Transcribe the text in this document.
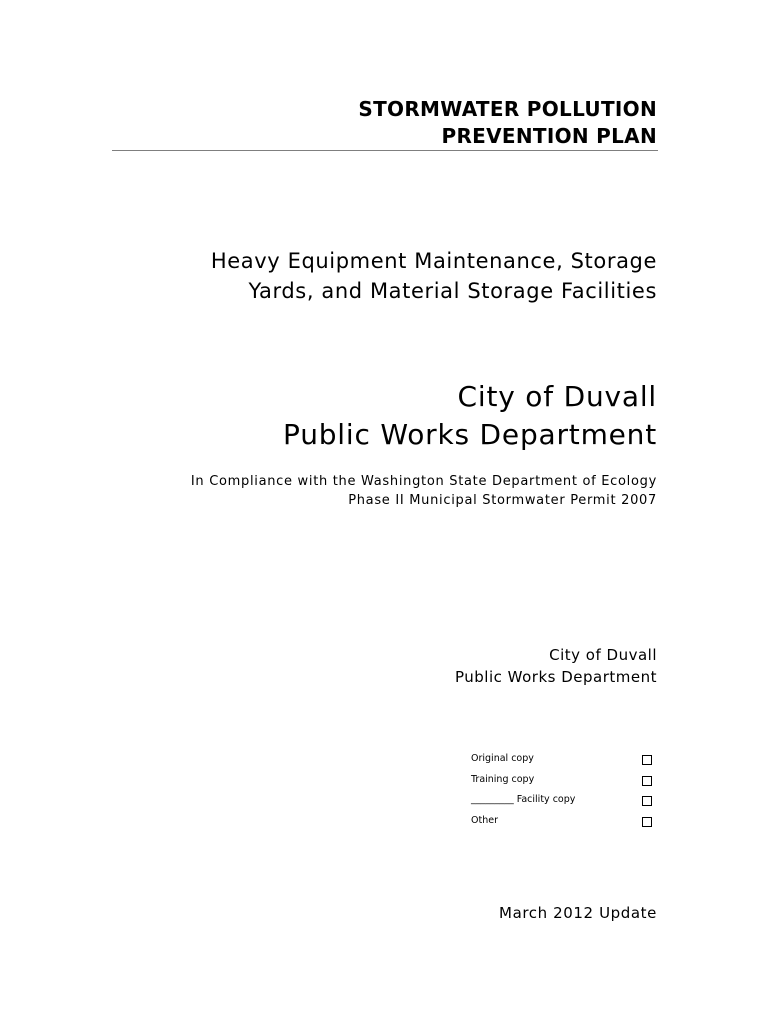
STORMWATER POLLUTION
PREVENTION PLAN
Heavy Equipment Maintenance, Storage
Yards, and Material Storage Facilities
City of Duvall
Public Works Department
In Compliance with the Washington State Department of Ecology
Phase II Municipal Stormwater Permit 2007
City of Duvall
Public Works Department
Original copy
Training copy
_________ Facility copy
Other
March 2012 Update
